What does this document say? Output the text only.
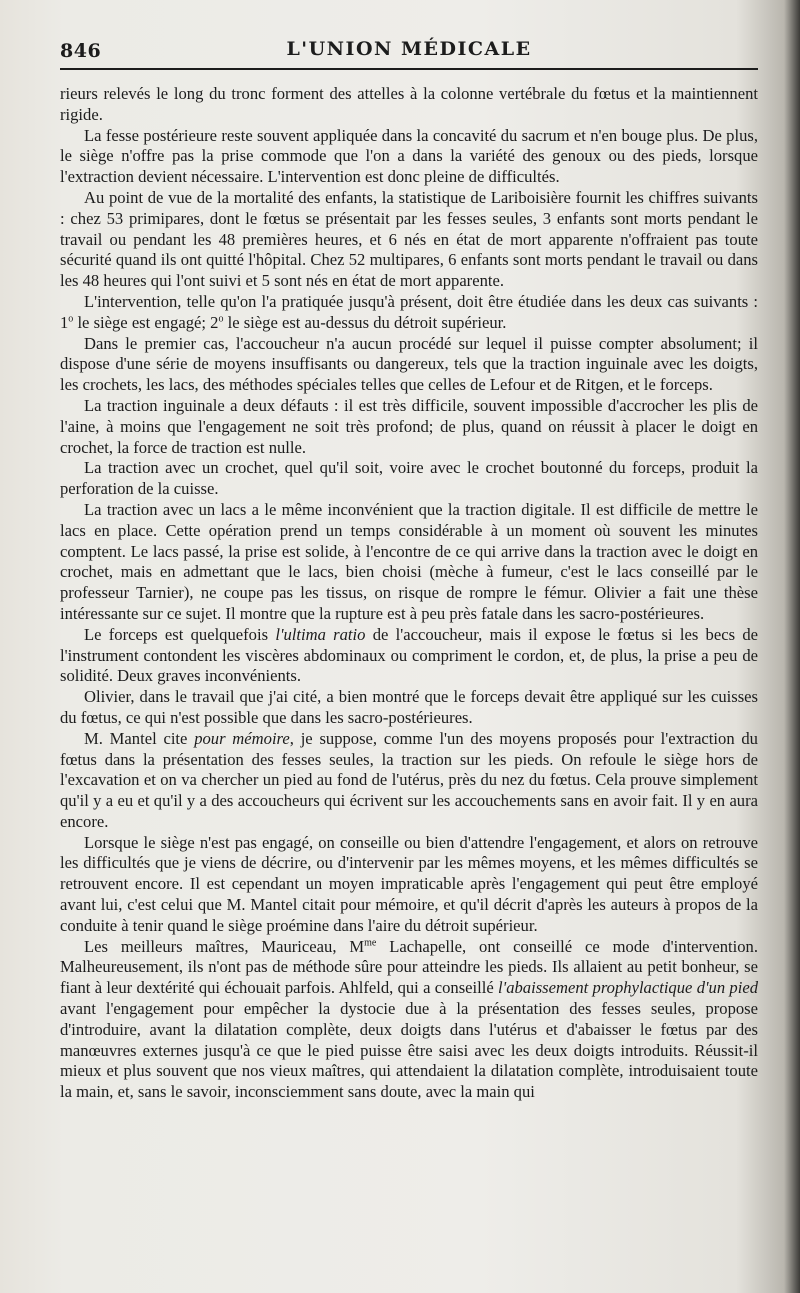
846	L'UNION MÉDICALE

rieurs relevés le long du tronc forment des attelles à la colonne vertébrale du fœtus et la maintiennent rigide.

La fesse postérieure reste souvent appliquée dans la concavité du sacrum et n'en bouge plus. De plus, le siège n'offre pas la prise commode que l'on a dans la variété des genoux ou des pieds, lorsque l'extraction devient nécessaire. L'intervention est donc pleine de difficultés.

Au point de vue de la mortalité des enfants, la statistique de Lariboisière fournit les chiffres suivants : chez 53 primipares, dont le fœtus se présentait par les fesses seules, 3 enfants sont morts pendant le travail ou pendant les 48 premières heures, et 6 nés en état de mort apparente n'offraient pas toute sécurité quand ils ont quitté l'hôpital. Chez 52 multipares, 6 enfants sont morts pendant le travail ou dans les 48 heures qui l'ont suivi et 5 sont nés en état de mort apparente.

L'intervention, telle qu'on l'a pratiquée jusqu'à présent, doit être étudiée dans les deux cas suivants : 1$^o$ le siège est engagé; 2$^o$ le siège est au-dessus du détroit supérieur.

Dans le premier cas, l'accoucheur n'a aucun procédé sur lequel il puisse compter absolument; il dispose d'une série de moyens insuffisants ou dangereux, tels que la traction inguinale avec les doigts, les crochets, les lacs, des méthodes spéciales telles que celles de Lefour et de Ritgen, et le forceps.

La traction inguinale a deux défauts : il est très difficile, souvent impossible d'accrocher les plis de l'aine, à moins que l'engagement ne soit très profond; de plus, quand on réussit à placer le doigt en crochet, la force de traction est nulle.

La traction avec un crochet, quel qu'il soit, voire avec le crochet boutonné du forceps, produit la perforation de la cuisse.

La traction avec un lacs a le même inconvénient que la traction digitale. Il est difficile de mettre le lacs en place. Cette opération prend un temps considérable à un moment où souvent les minutes comptent. Le lacs passé, la prise est solide, à l'encontre de ce qui arrive dans la traction avec le doigt en crochet, mais en admettant que le lacs, bien choisi (mèche à fumeur, c'est le lacs conseillé par le professeur Tarnier), ne coupe pas les tissus, on risque de rompre le fémur. Olivier a fait une thèse intéressante sur ce sujet. Il montre que la rupture est à peu près fatale dans les sacro-postérieures.

Le forceps est quelquefois l'ultima ratio de l'accoucheur, mais il expose le fœtus si les becs de l'instrument contondent les viscères abdominaux ou compriment le cordon, et, de plus, la prise a peu de solidité. Deux graves inconvénients.

Olivier, dans le travail que j'ai cité, a bien montré que le forceps devait être appliqué sur les cuisses du fœtus, ce qui n'est possible que dans les sacro-postérieures.

M. Mantel cite pour mémoire, je suppose, comme l'un des moyens proposés pour l'extraction du fœtus dans la présentation des fesses seules, la traction sur les pieds. On refoule le siège hors de l'excavation et on va chercher un pied au fond de l'utérus, près du nez du fœtus. Cela prouve simplement qu'il y a eu et qu'il y a des accoucheurs qui écrivent sur les accouchements sans en avoir fait. Il y en aura encore.

Lorsque le siège n'est pas engagé, on conseille ou bien d'attendre l'engagement, et alors on retrouve les difficultés que je viens de décrire, ou d'intervenir par les mêmes moyens, et les mêmes difficultés se retrouvent encore. Il est cependant un moyen impraticable après l'engagement qui peut être employé avant lui, c'est celui que M. Mantel citait pour mémoire, et qu'il décrit d'après les auteurs à propos de la conduite à tenir quand le siège proémine dans l'aire du détroit supérieur.

Les meilleurs maîtres, Mauriceau, $M^{me}$ Lachapelle, ont conseillé ce mode d'intervention. Malheureusement, ils n'ont pas de méthode sûre pour atteindre les pieds. Ils allaient au petit bonheur, se fiant à leur dextérité qui échouait parfois. Ahlfeld, qui a conseillé l'abaissement prophylactique d'un pied avant l'engagement pour empêcher la dystocie due à la présentation des fesses seules, propose d'introduire, avant la dilatation complète, deux doigts dans l'utérus et d'abaisser le fœtus par des manœuvres externes jusqu'à ce que le pied puisse être saisi avec les deux doigts introduits. Réussit-il mieux et plus souvent que nos vieux maîtres, qui attendaient la dilatation complète, introduisaient toute la main, et, sans le savoir, inconsciemment sans doute, avec la main qui
